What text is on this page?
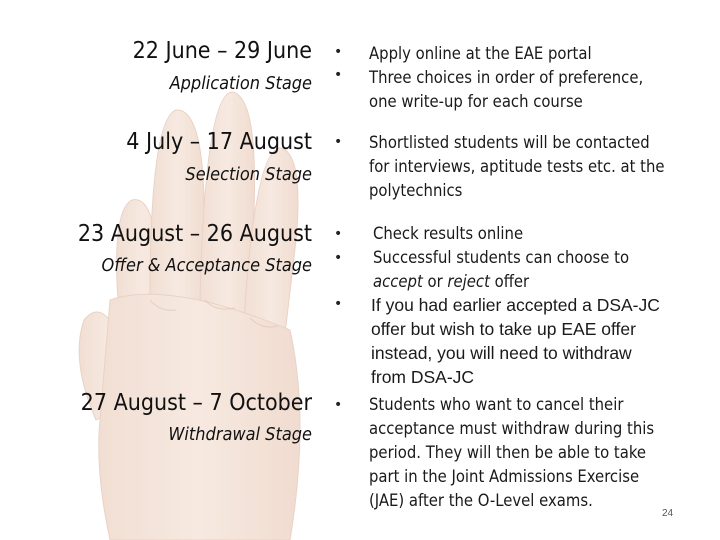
22 June – 29 June
Application Stage
• Apply online at the EAE portal
• Three choices in order of preference, one write-up for each course
4 July – 17 August
Selection Stage
• Shortlisted students will be contacted for interviews, aptitude tests etc. at the polytechnics
23 August – 26 August
Offer & Acceptance Stage
• Check results online
• Successful students can choose to accept or reject offer
• If you had earlier accepted a DSA-JC offer but wish to take up EAE offer instead, you will need to withdraw from DSA-JC
27 August – 7 October
Withdrawal Stage
• Students who want to cancel their acceptance must withdraw during this period. They will then be able to take part in the Joint Admissions Exercise (JAE) after the O-Level exams.
24
